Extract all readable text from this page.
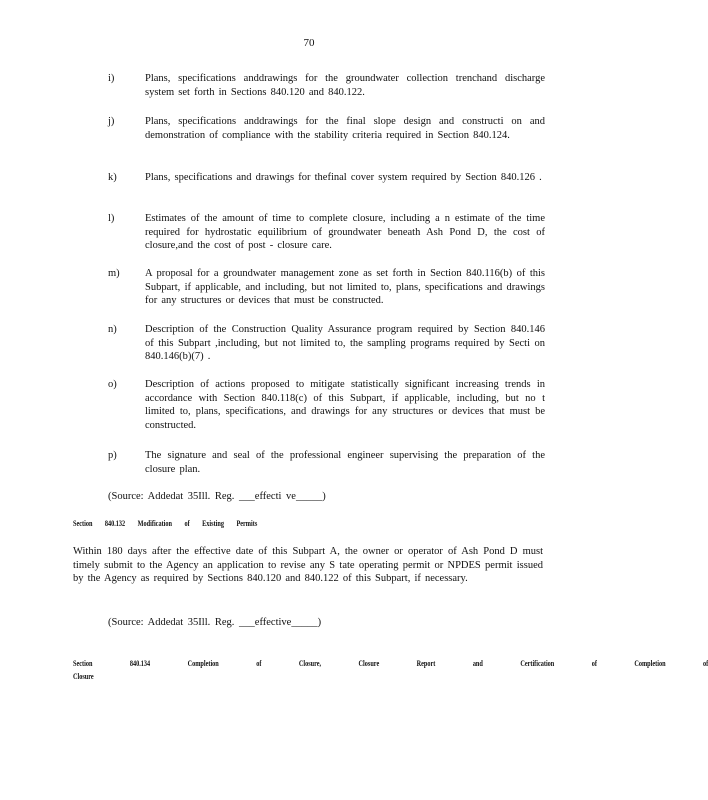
70
i)	Plans, specifications anddrawings for the groundwater collection trenchand discharge system set forth in Sections 840.120 and 840.122.
j)	Plans, specifications anddrawings for the final slope design and constructi on and demonstration of compliance with the stability criteria required in Section 840.124.
k)	Plans, specifications and drawings for thefinal cover system required by Section 840.126 .
l)	Estimates of the amount of time to complete closure, including a n estimate of the time required for hydrostatic equilibrium of groundwater beneath Ash Pond D, the cost of closure,and the cost of post - closure care.
m) A proposal for a groundwater management zone as set forth in Section 840.116(b) of this Subpart, if applicable, and including, but not limited to, plans, specifications and drawings for any structures or devices that must be constructed.
n)	Description of the Construction Quality Assurance program required by Section 840.146 of this Subpart ,including, but not limited to, the sampling programs required by Secti on 840.146(b)(7) .
o)	Description of actions proposed to mitigate statistically significant increasing trends in accordance with Section 840.118(c) of this Subpart, if applicable, including, but no t limited to, plans, specifications, and drawings for any structures or devices that must be constructed.
p)	The signature and seal of the professional engineer supervising the preparation of the closure plan.
(Source: Addedat 35Ill. Reg. ___effecti ve_____)
Section 840.132 Modification of Existing Permits
Within 180 days after the effective date of this Subpart A, the owner or operator of Ash Pond D must timely submit to the Agency an application to revise any S tate operating permit or NPDES permit issued by the Agency as required by Sections 840.120 and 840.122 of this Subpart, if necessary.
(Source: Addedat 35Ill. Reg. ___effective_____)
Section 840.134 Completion of Closure, Closure Report and Certification of Completion of
Closure
